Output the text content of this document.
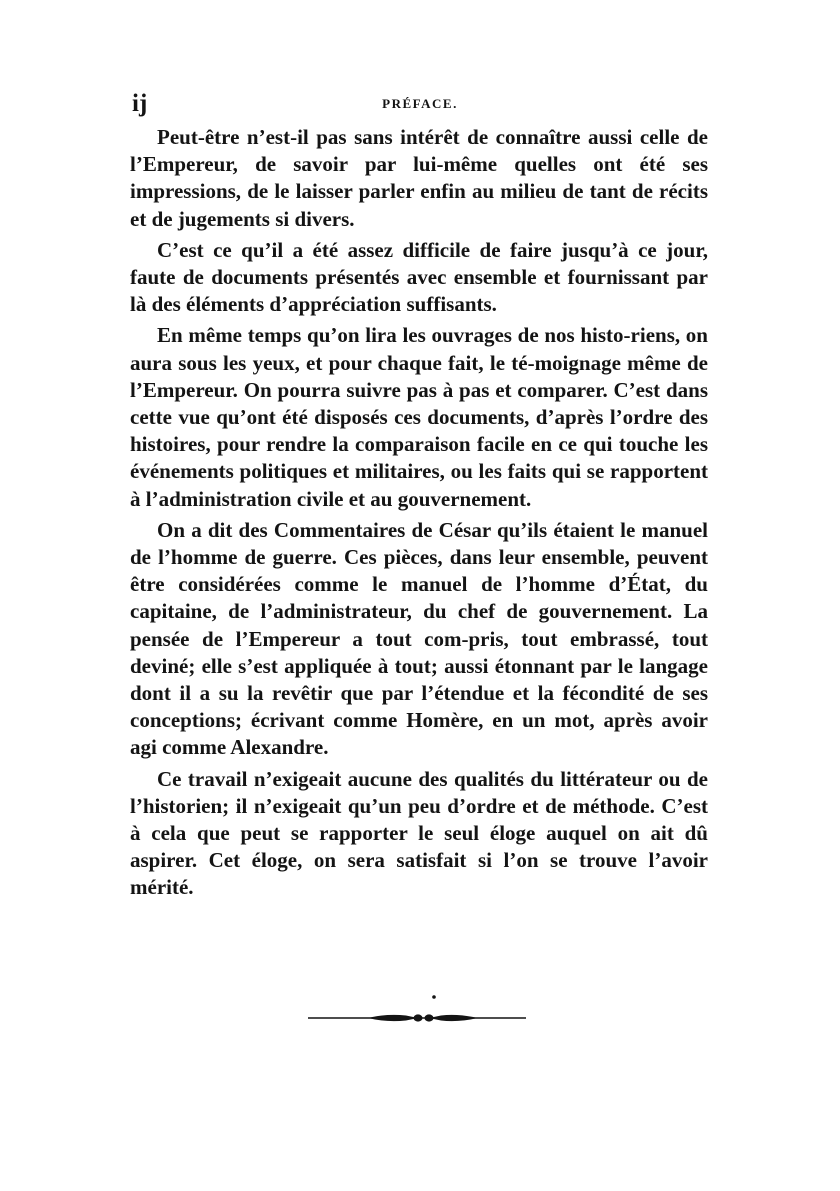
ij	PRÉFACE.

Peut-être n’est-il pas sans intérêt de connaître aussi celle de l’Empereur, de savoir par lui-même quelles ont été ses impressions, de le laisser parler enfin au milieu de tant de récits et de jugements si divers.

C’est ce qu’il a été assez difficile de faire jusqu’à ce jour, faute de documents présentés avec ensemble et fournissant par là des éléments d’appréciation suffisants.

En même temps qu’on lira les ouvrages de nos histo-riens, on aura sous les yeux, et pour chaque fait, le té-moignage même de l’Empereur. On pourra suivre pas à pas et comparer. C’est dans cette vue qu’ont été disposés ces documents, d’après l’ordre des histoires, pour rendre la comparaison facile en ce qui touche les événements politiques et militaires, ou les faits qui se rapportent à l’administration civile et au gouvernement.

On a dit des Commentaires de César qu’ils étaient le manuel de l’homme de guerre. Ces pièces, dans leur ensemble, peuvent être considérées comme le manuel de l’homme d’État, du capitaine, de l’administrateur, du chef de gouvernement. La pensée de l’Empereur a tout com-pris, tout embrassé, tout deviné; elle s’est appliquée à tout; aussi étonnant par le langage dont il a su la revêtir que par l’étendue et la fécondité de ses conceptions; écrivant comme Homère, en un mot, après avoir agi comme Alexandre.

Ce travail n’exigeait aucune des qualités du littérateur ou de l’historien; il n’exigeait qu’un peu d’ordre et de méthode. C’est à cela que peut se rapporter le seul éloge auquel on ait dû aspirer. Cet éloge, on sera satisfait si l’on se trouve l’avoir mérité.
